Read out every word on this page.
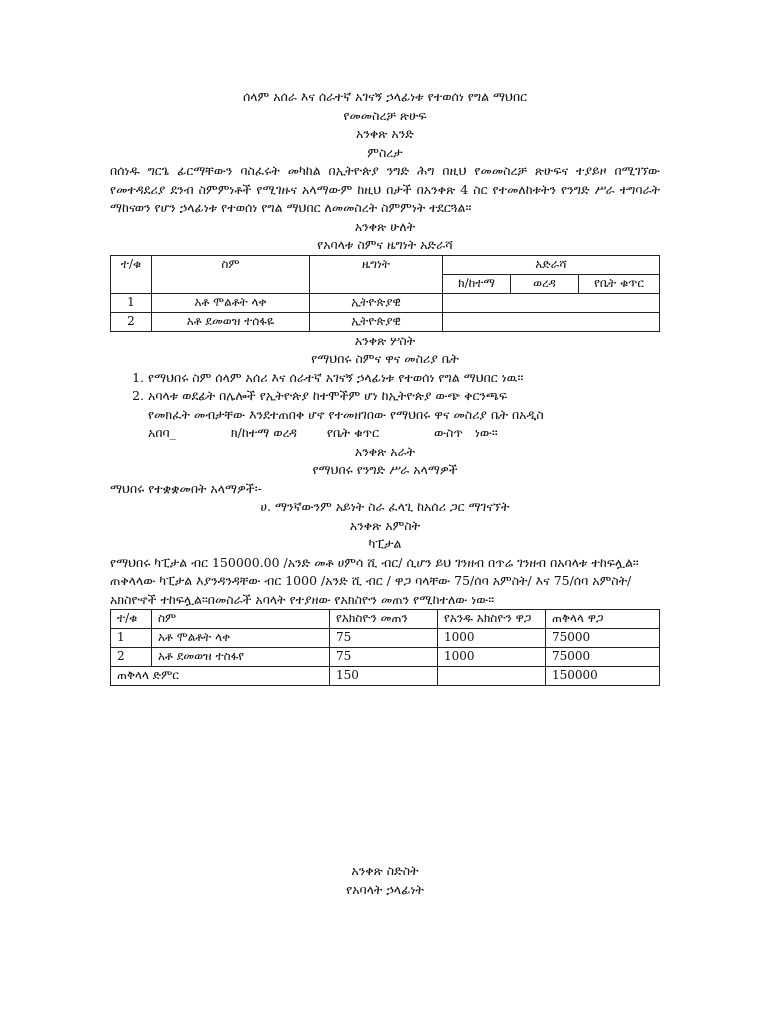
ሰላም አሰራ እና ሰራተኛ አገናኝ ኃላፊነቱ የተወሰነ የግል ማህበር
የመመስረቻ ጽሁፍ
አንቀጽ አንድ
ምስረታ
በሰነዱ ግርጌ ፊርማቸውን ባስፈሩት መካከል በኢትዮጵያ ንግድ ሕግ በዚህ የመመስረቻ ጽሁፍና ተያይዞ በሚገኘው የመተዳደሪያ ደንብ ስምምነቶች የሚገዙና አላማውም ከዚህ በታች በአንቀጽ 4 ስር የተመለከቱትን የንግድ ሥራ ተግባራት ማከናወን የሆን ኃላፊነቱ የተወሰነ የግል ማህበር ለመመስረት ስምምነት ተደርጓል።
አንቀጽ ሁለት
የአባላቱ ስምና ዜግነት አድራሻ
ተ/ቁ	ስም	ዜግነት	አድራሻ		
			ክ/ከተማ	ወረዳ	የቤት ቁጥር
1	አቶ ሞልቶት ላቀ	ኢትዮጵያዊ			
2	አቶ ደመወዝ ተሰፋዬ	ኢትዮጵያዊ			
አንቀጽ ሦስት
የማህበሩ ስምና ዋና መስሪያ ቤት
1. የማህበሩ ስም ሰላም አሰሪ እና ሰራተኛ አገናኝ ኃላፊነቱ የተወሰነ የግል ማህበር ነዉ።
2. አባላቱ ወደፊት በሌሎች የኢትዮጵያ ከተሞችም ሆነ ከኢትዮጵያ ውጭ ቅርንጫፍ
የመክፈት መብታቸው እንደተጠበቀ ሆኖ የተመዘገበው የማህበሩ ዋና መስሪያ ቤት በአዲስ
አበባ_	ክ/ከተማ ወረዳ የቤት ቁጥር	ውስጥ ነው።
አንቀጽ አራት
የማህበሩ የንግድ ሥራ አላማዎች
ማህበሩ የተቋቋመበት አላማዎች፡-
ሀ. ማንኛውንም አይነት ስራ ፈላጊ ከአሰሪ ጋር ማገናኘት
አንቀጽ አምስት
ካፒታል
የማህበሩ ካፒታል ብር 150000.00 /አንድ መቶ ሀምሳ ሺ ብር/ ሲሆን ይህ ገንዘብ በጥሬ ገንዘብ በአባላቱ ተከፍሏል።
ጠቅላላው ካፒታል እያንዳንዳቸው ብር 1000 /አንድ ሺ ብር / ዋጋ ባላቸው 75/ሰባ አምስት/ እና 75/ሰባ አምስት/ አክስዮኖች ተከፍሏል።በመስራች አባላት የተያዘው የአክስዮን መጠን የሚከተለው ነው።
ተ/ቁ	ስም	የአክስዮን መጠን	የአንዱ አክስዮን ዋጋ	ጠቅላላ ዋጋ
1	አቶ ሞልቶት ላቀ	75	1000	75000
2	አቶ ደመወዝ ተስፋየ	75	1000	75000
ጠቅላላ ድምር		150		150000
አንቀጽ ስድስት
የአባላት ኃላፊነት
